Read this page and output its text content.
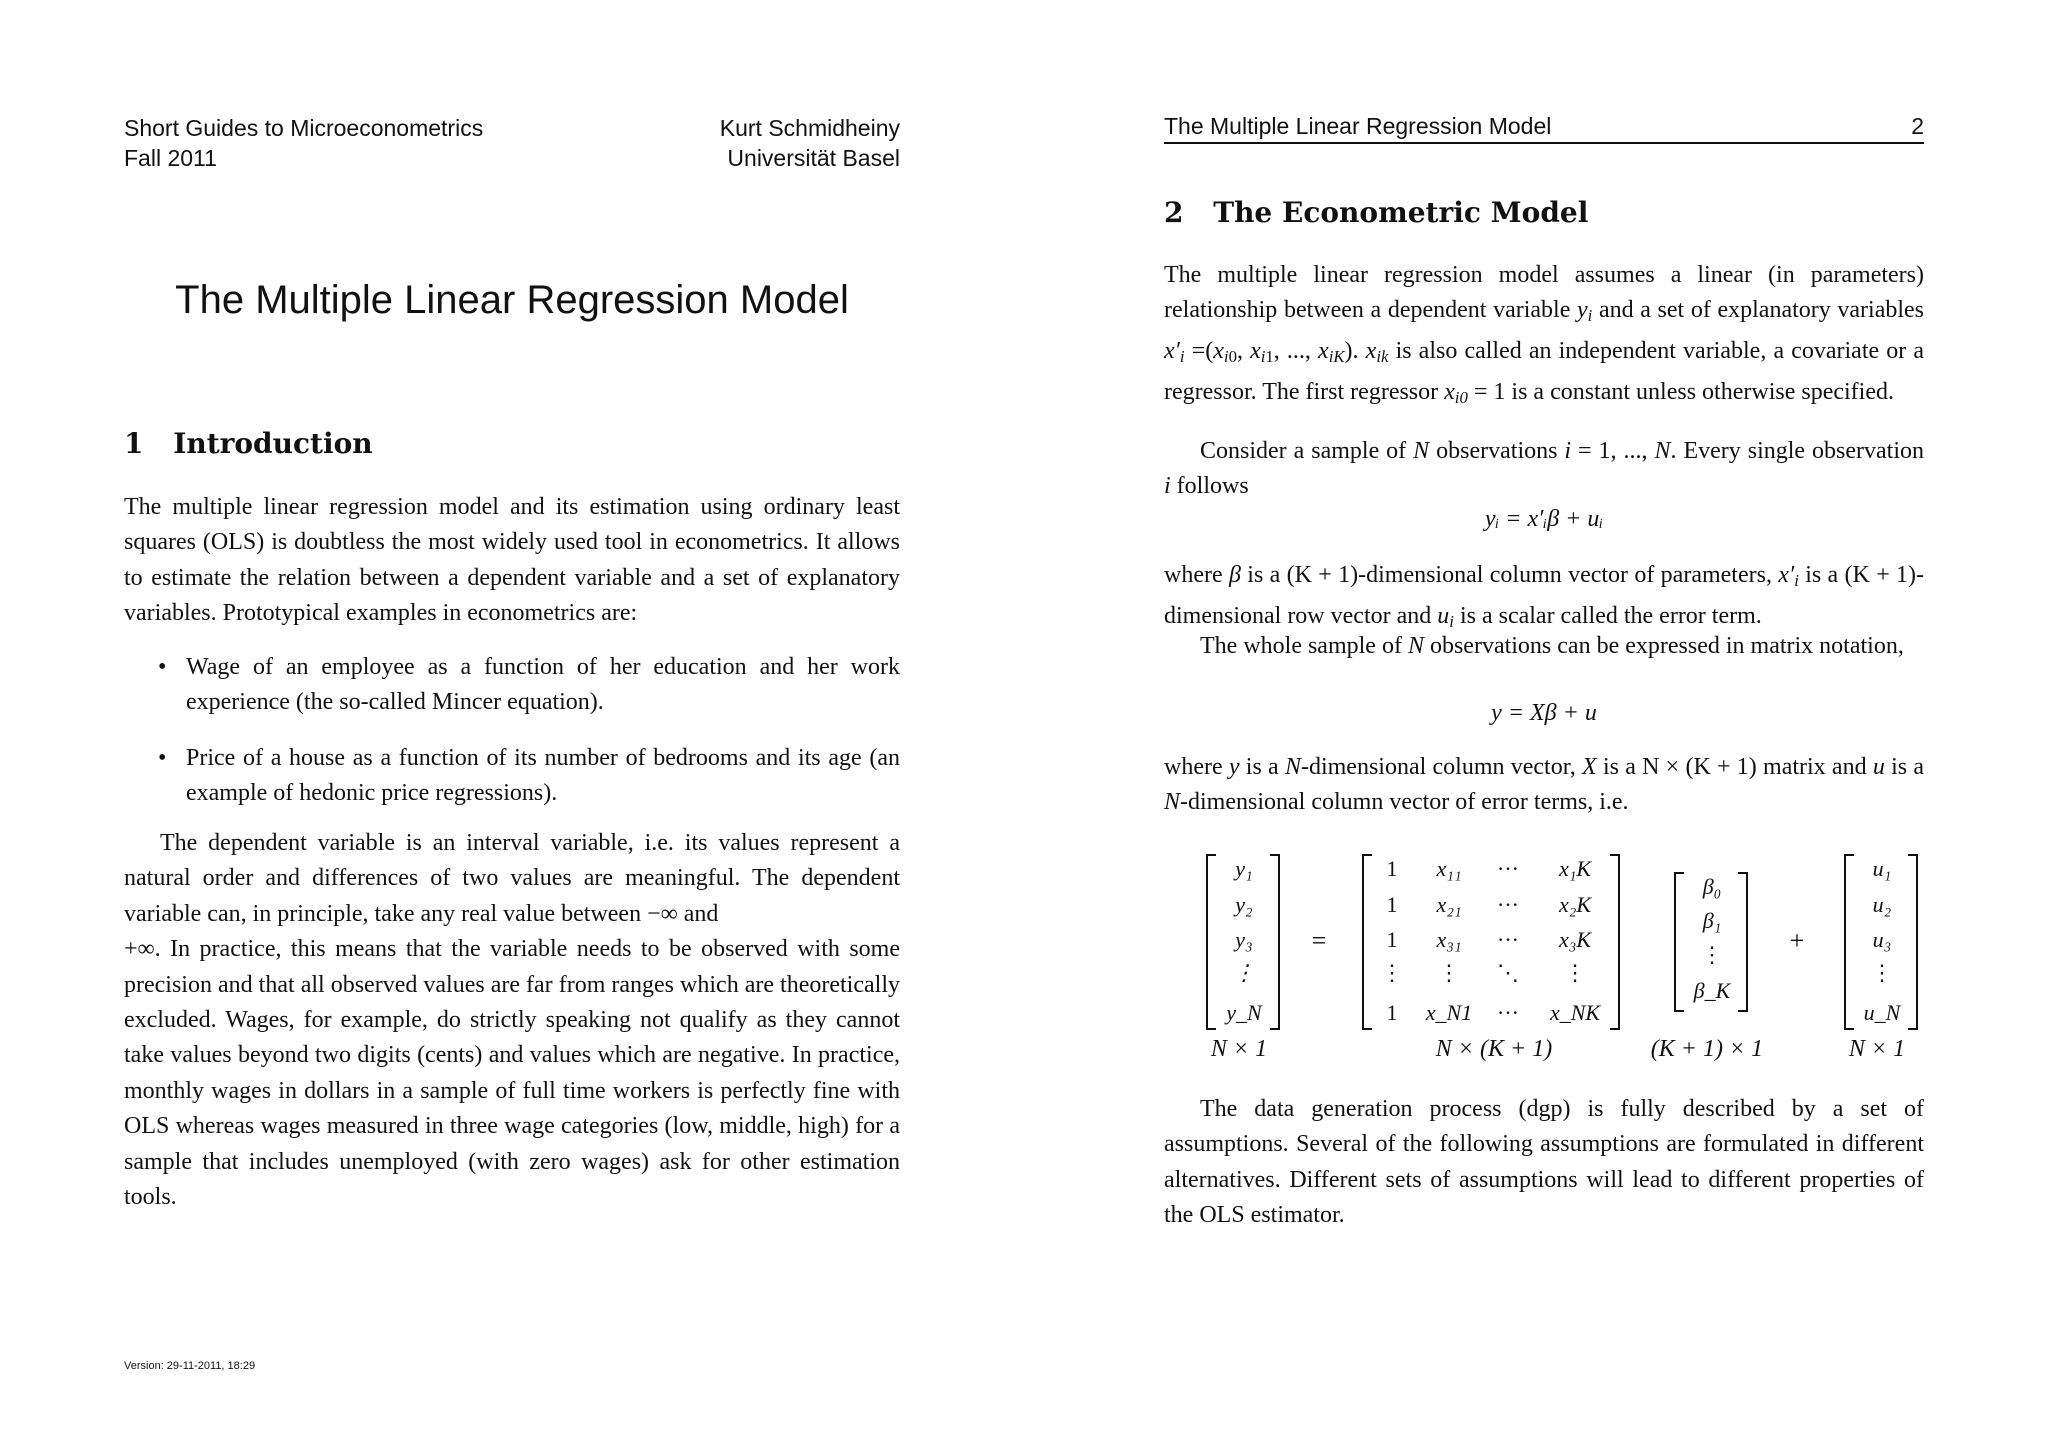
Short Guides to Microeconometrics
Fall 2011
Kurt Schmidheiny
Universität Basel
The Multiple Linear Regression Model
1 Introduction
The multiple linear regression model and its estimation using ordinary least squares (OLS) is doubtless the most widely used tool in econometrics. It allows to estimate the relation between a dependent variable and a set of explanatory variables. Prototypical examples in econometrics are:
• Wage of an employee as a function of her education and her work experience (the so-called Mincer equation).
• Price of a house as a function of its number of bedrooms and its age (an example of hedonic price regressions).
The dependent variable is an interval variable, i.e. its values represent a natural order and differences of two values are meaningful. The dependent variable can, in principle, take any real value between −∞ and
+∞. In practice, this means that the variable needs to be observed with some precision and that all observed values are far from ranges which are theoretically excluded. Wages, for example, do strictly speaking not qualify as they cannot take values beyond two digits (cents) and values which are negative. In practice, monthly wages in dollars in a sample of full time workers is perfectly fine with OLS whereas wages measured in three wage categories (low, middle, high) for a sample that includes unemployed (with zero wages) ask for other estimation tools.
Version: 29-11-2011, 18:29
The Multiple Linear Regression Model	2
2 The Econometric Model
The multiple linear regression model assumes a linear (in parameters) relationship between a dependent variable $y_i$ and a set of explanatory variables $x'_i =(x_{i0}$, $x_{i1}$, ..., $x_{iK}$). $x_{ik}$ is also called an independent variable, a covariate or a regressor. The first regressor $x_{i0} = 1$ is a constant unless otherwise specified.
Consider a sample of N observations i = 1, ..., N. Every single observation i follows
yᵢ = x′ᵢβ + uᵢ
where β is a (K + 1)-dimensional column vector of parameters, $x'_i$ is a (K + 1)-dimensional row vector and $u_i$ is a scalar called the error term.
The whole sample of N observations can be expressed in matrix notation,
y = Xβ + u
where y is a N-dimensional column vector, X is a N × (K + 1) matrix and u is a N-dimensional column vector of error terms, i.e.
y₁
y₂
y₃
⋮
y_N
=
1	x₁₁	···	x₁K
1	x₂₁	···	x₂K
1	x₃₁	···	x₃K
⋮	⋮	⋱	⋮
1	x_N1	···	x_NK
β₀
β₁
⋮
β_K
+
u₁
u₂
u₃
⋮
u_N
N × 1	N × (K + 1)	(K + 1) × 1	N × 1
The data generation process (dgp) is fully described by a set of assumptions. Several of the following assumptions are formulated in different alternatives. Different sets of assumptions will lead to different properties of the OLS estimator.
